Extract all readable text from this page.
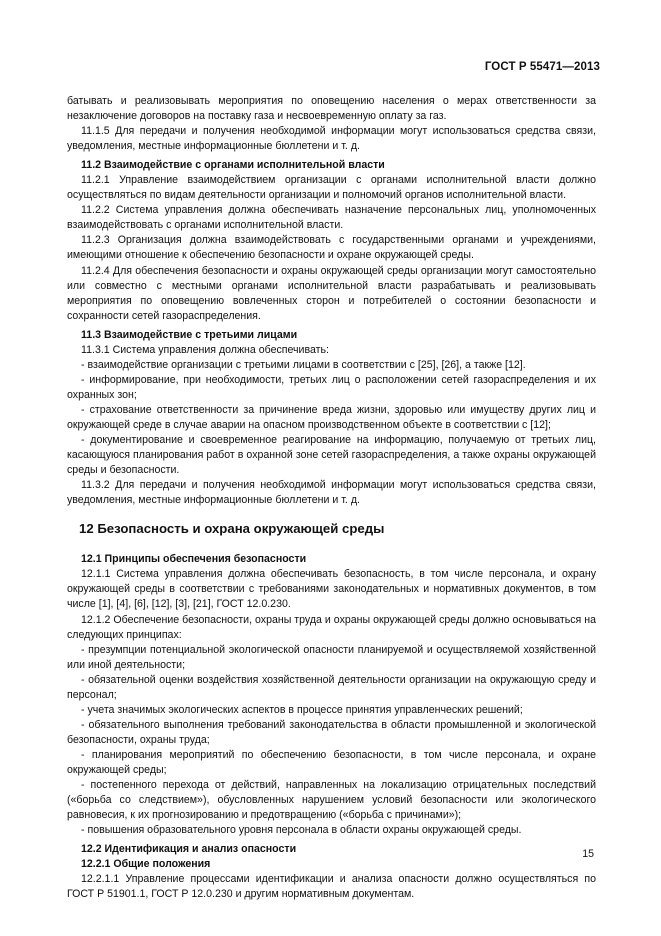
ГОСТ Р 55471—2013
батывать и реализовывать мероприятия по оповещению населения о мерах ответственности за незаключение договоров на поставку газа и несвоевременную оплату за газ.
11.1.5 Для передачи и получения необходимой информации могут использоваться средства связи, уведомления, местные информационные бюллетени и т. д.
11.2 Взаимодействие с органами исполнительной власти
11.2.1 Управление взаимодействием организации с органами исполнительной власти должно осуществляться по видам деятельности организации и полномочий органов исполнительной власти.
11.2.2 Система управления должна обеспечивать назначение персональных лиц, уполномоченных взаимодействовать с органами исполнительной власти.
11.2.3 Организация должна взаимодействовать с государственными органами и учреждениями, имеющими отношение к обеспечению безопасности и охране окружающей среды.
11.2.4 Для обеспечения безопасности и охраны окружающей среды организации могут самостоятельно или совместно с местными органами исполнительной власти разрабатывать и реализовывать мероприятия по оповещению вовлеченных сторон и потребителей о состоянии безопасности и сохранности сетей газораспределения.
11.3 Взаимодействие с третьими лицами
11.3.1 Система управления должна обеспечивать:
- взаимодействие организации с третьими лицами в соответствии с [25], [26], а также [12].
- информирование, при необходимости, третьих лиц о расположении сетей газораспределения и их охранных зон;
- страхование ответственности за причинение вреда жизни, здоровью или имуществу других лиц и окружающей среде в случае аварии на опасном производственном объекте в соответствии с [12];
- документирование и своевременное реагирование на информацию, получаемую от третьих лиц, касающуюся планирования работ в охранной зоне сетей газораспределения, а также охраны окружающей среды и безопасности.
11.3.2 Для передачи и получения необходимой информации могут использоваться средства связи, уведомления, местные информационные бюллетени и т. д.
12 Безопасность и охрана окружающей среды
12.1 Принципы обеспечения безопасности
12.1.1 Система управления должна обеспечивать безопасность, в том числе персонала, и охрану окружающей среды в соответствии с требованиями законодательных и нормативных документов, в том числе [1], [4], [6], [12], [3], [21], ГОСТ 12.0.230.
12.1.2 Обеспечение безопасности, охраны труда и охраны окружающей среды должно основываться на следующих принципах:
- презумпции потенциальной экологической опасности планируемой и осуществляемой хозяйственной или иной деятельности;
- обязательной оценки воздействия хозяйственной деятельности организации на окружающую среду и персонал;
- учета значимых экологических аспектов в процессе принятия управленческих решений;
- обязательного выполнения требований законодательства в области промышленной и экологической безопасности, охраны труда;
- планирования мероприятий по обеспечению безопасности, в том числе персонала, и охране окружающей среды;
- постепенного перехода от действий, направленных на локализацию отрицательных последствий («борьба со следствием»), обусловленных нарушением условий безопасности или экологического равновесия, к их прогнозированию и предотвращению («борьба с причинами»);
- повышения образовательного уровня персонала в области охраны окружающей среды.
12.2 Идентификация и анализ опасности
12.2.1 Общие положения
12.2.1.1 Управление процессами идентификации и анализа опасности должно осуществляться по ГОСТ Р 51901.1, ГОСТ Р 12.0.230 и другим нормативным документам.
15
